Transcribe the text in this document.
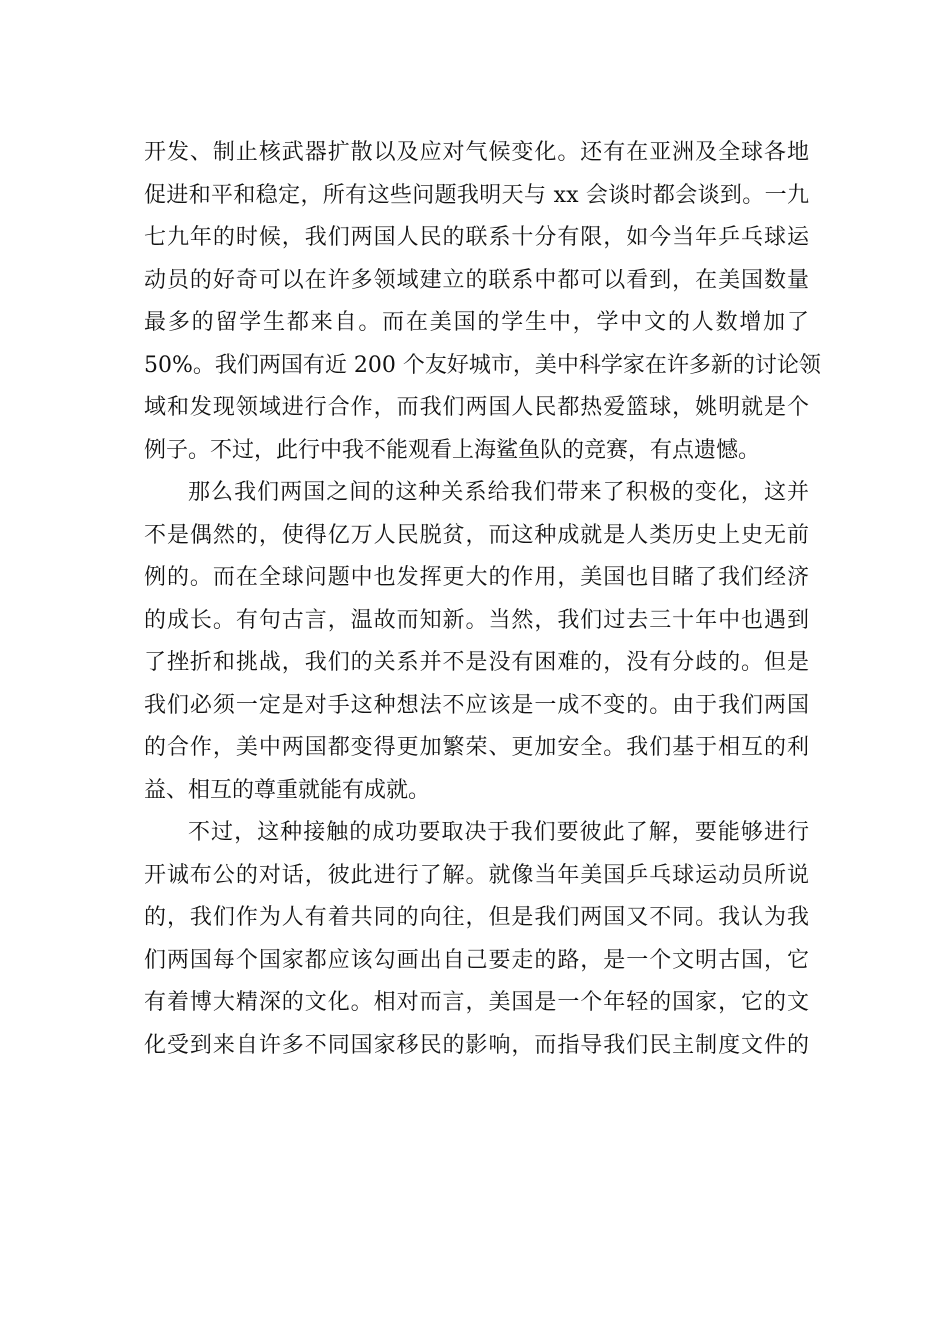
开发、制止核武器扩散以及应对气候变化。还有在亚洲及全球各地
促进和平和稳定，所有这些问题我明天与 xx 会谈时都会谈到。一九
七九年的时候，我们两国人民的联系十分有限，如今当年乒乓球运
动员的好奇可以在许多领域建立的联系中都可以看到，在美国数量
最多的留学生都来自。而在美国的学生中，学中文的人数增加了
50%。我们两国有近 200 个友好城市，美中科学家在许多新的讨论领
域和发现领域进行合作，而我们两国人民都热爱篮球，姚明就是个
例子。不过，此行中我不能观看上海鲨鱼队的竞赛，有点遗憾。
那么我们两国之间的这种关系给我们带来了积极的变化，这并
不是偶然的，使得亿万人民脱贫，而这种成就是人类历史上史无前
例的。而在全球问题中也发挥更大的作用，美国也目睹了我们经济
的成长。有句古言，温故而知新。当然，我们过去三十年中也遇到
了挫折和挑战，我们的关系并不是没有困难的，没有分歧的。但是
我们必须一定是对手这种想法不应该是一成不变的。由于我们两国
的合作，美中两国都变得更加繁荣、更加安全。我们基于相互的利
益、相互的尊重就能有成就。
不过，这种接触的成功要取决于我们要彼此了解，要能够进行
开诚布公的对话，彼此进行了解。就像当年美国乒乓球运动员所说
的，我们作为人有着共同的向往，但是我们两国又不同。我认为我
们两国每个国家都应该勾画出自己要走的路，是一个文明古国，它
有着博大精深的文化。相对而言，美国是一个年轻的国家，它的文
化受到来自许多不同国家移民的影响，而指导我们民主制度文件的
